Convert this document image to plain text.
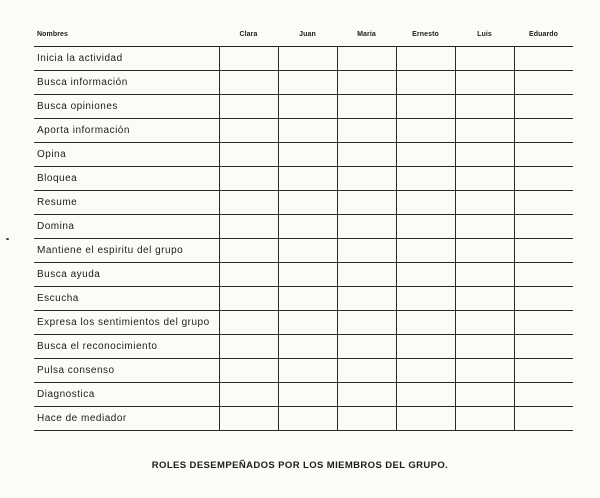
Nombres	Clara	Juan	Maria	Ernesto	Luis	Eduardo
Inicia la actividad						
Busca información						
Busca opiniones						
Aporta información						
Opina						
Bloquea						
Resume						
Domina						
Mantiene el espiritu del grupo						
Busca ayuda						
Escucha						
Expresa los sentimientos del grupo						
Busca el reconocimiento						
Pulsa consenso						
Diagnostica						
Hace de mediador						
ROLES DESEMPEÑADOS POR LOS MIEMBROS DEL GRUPO.
